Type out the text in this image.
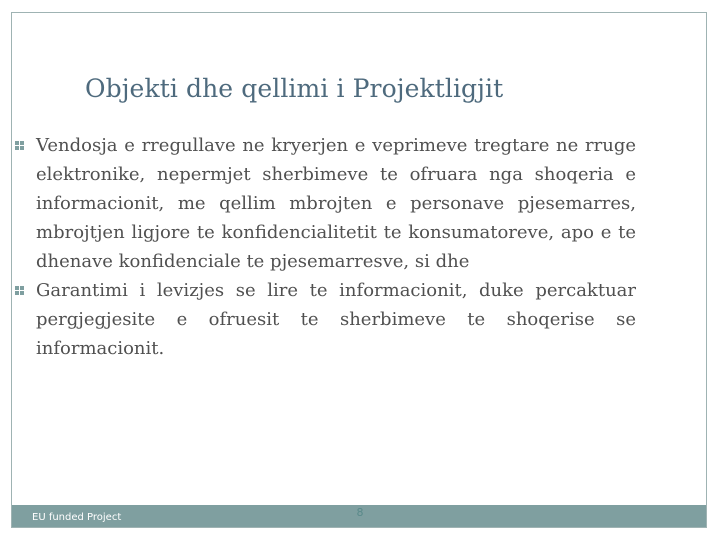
Objekti dhe qellimi i Projektligjit
Vendosja e rregullave ne kryerjen e veprimeve tregtare ne rruge elektronike, nepermjet sherbimeve te ofruara nga shoqeria e informacionit, me qellim mbrojten e personave pjesemarres, mbrojtjen ligjore te konfidencialitetit te konsumatoreve, apo e te dhenave konfidenciale te pjesemarresve, si dhe
Garantimi i levizjes se lire te informacionit, duke percaktuar pergjegjesite e ofruesit te sherbimeve te shoqerise se informacionit.
EU funded Project	8
